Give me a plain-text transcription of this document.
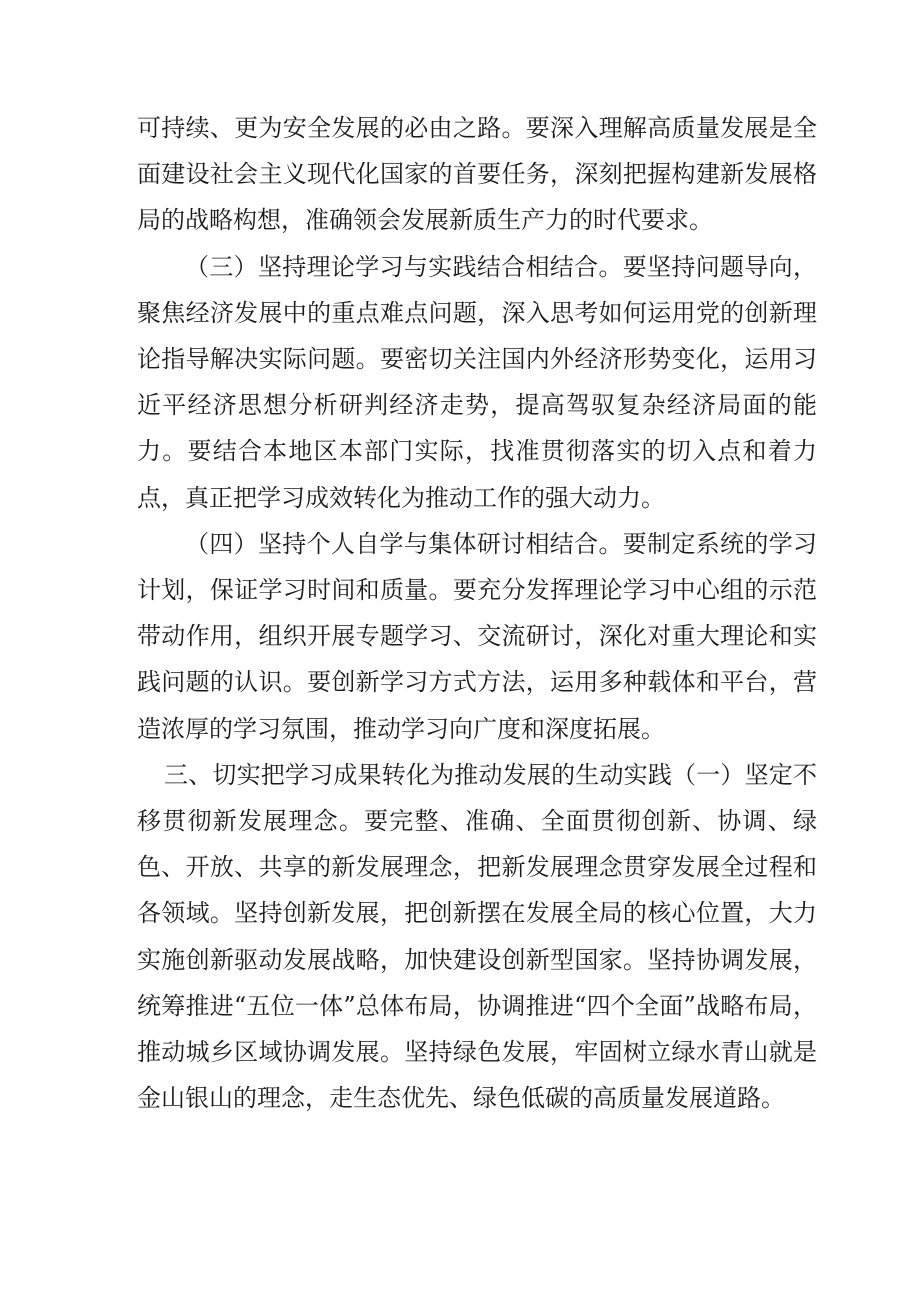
可持续、更为安全发展的必由之路。要深入理解高质量发展是全面建设社会主义现代化国家的首要任务，深刻把握构建新发展格局的战略构想，准确领会发展新质生产力的时代要求。

（三）坚持理论学习与实践结合相结合。要坚持问题导向，聚焦经济发展中的重点难点问题，深入思考如何运用党的创新理论指导解决实际问题。要密切关注国内外经济形势变化，运用习近平经济思想分析研判经济走势，提高驾驭复杂经济局面的能力。要结合本地区本部门实际，找准贯彻落实的切入点和着力点，真正把学习成效转化为推动工作的强大动力。

（四）坚持个人自学与集体研讨相结合。要制定系统的学习计划，保证学习时间和质量。要充分发挥理论学习中心组的示范带动作用，组织开展专题学习、交流研讨，深化对重大理论和实践问题的认识。要创新学习方式方法，运用多种载体和平台，营造浓厚的学习氛围，推动学习向广度和深度拓展。

三、切实把学习成果转化为推动发展的生动实践（一）坚定不移贯彻新发展理念。要完整、准确、全面贯彻创新、协调、绿色、开放、共享的新发展理念，把新发展理念贯穿发展全过程和各领域。坚持创新发展，把创新摆在发展全局的核心位置，大力实施创新驱动发展战略，加快建设创新型国家。坚持协调发展，统筹推进“五位一体”总体布局，协调推进“四个全面”战略布局，推动城乡区域协调发展。坚持绿色发展，牢固树立绿水青山就是金山银山的理念，走生态优先、绿色低碳的高质量发展道路。
